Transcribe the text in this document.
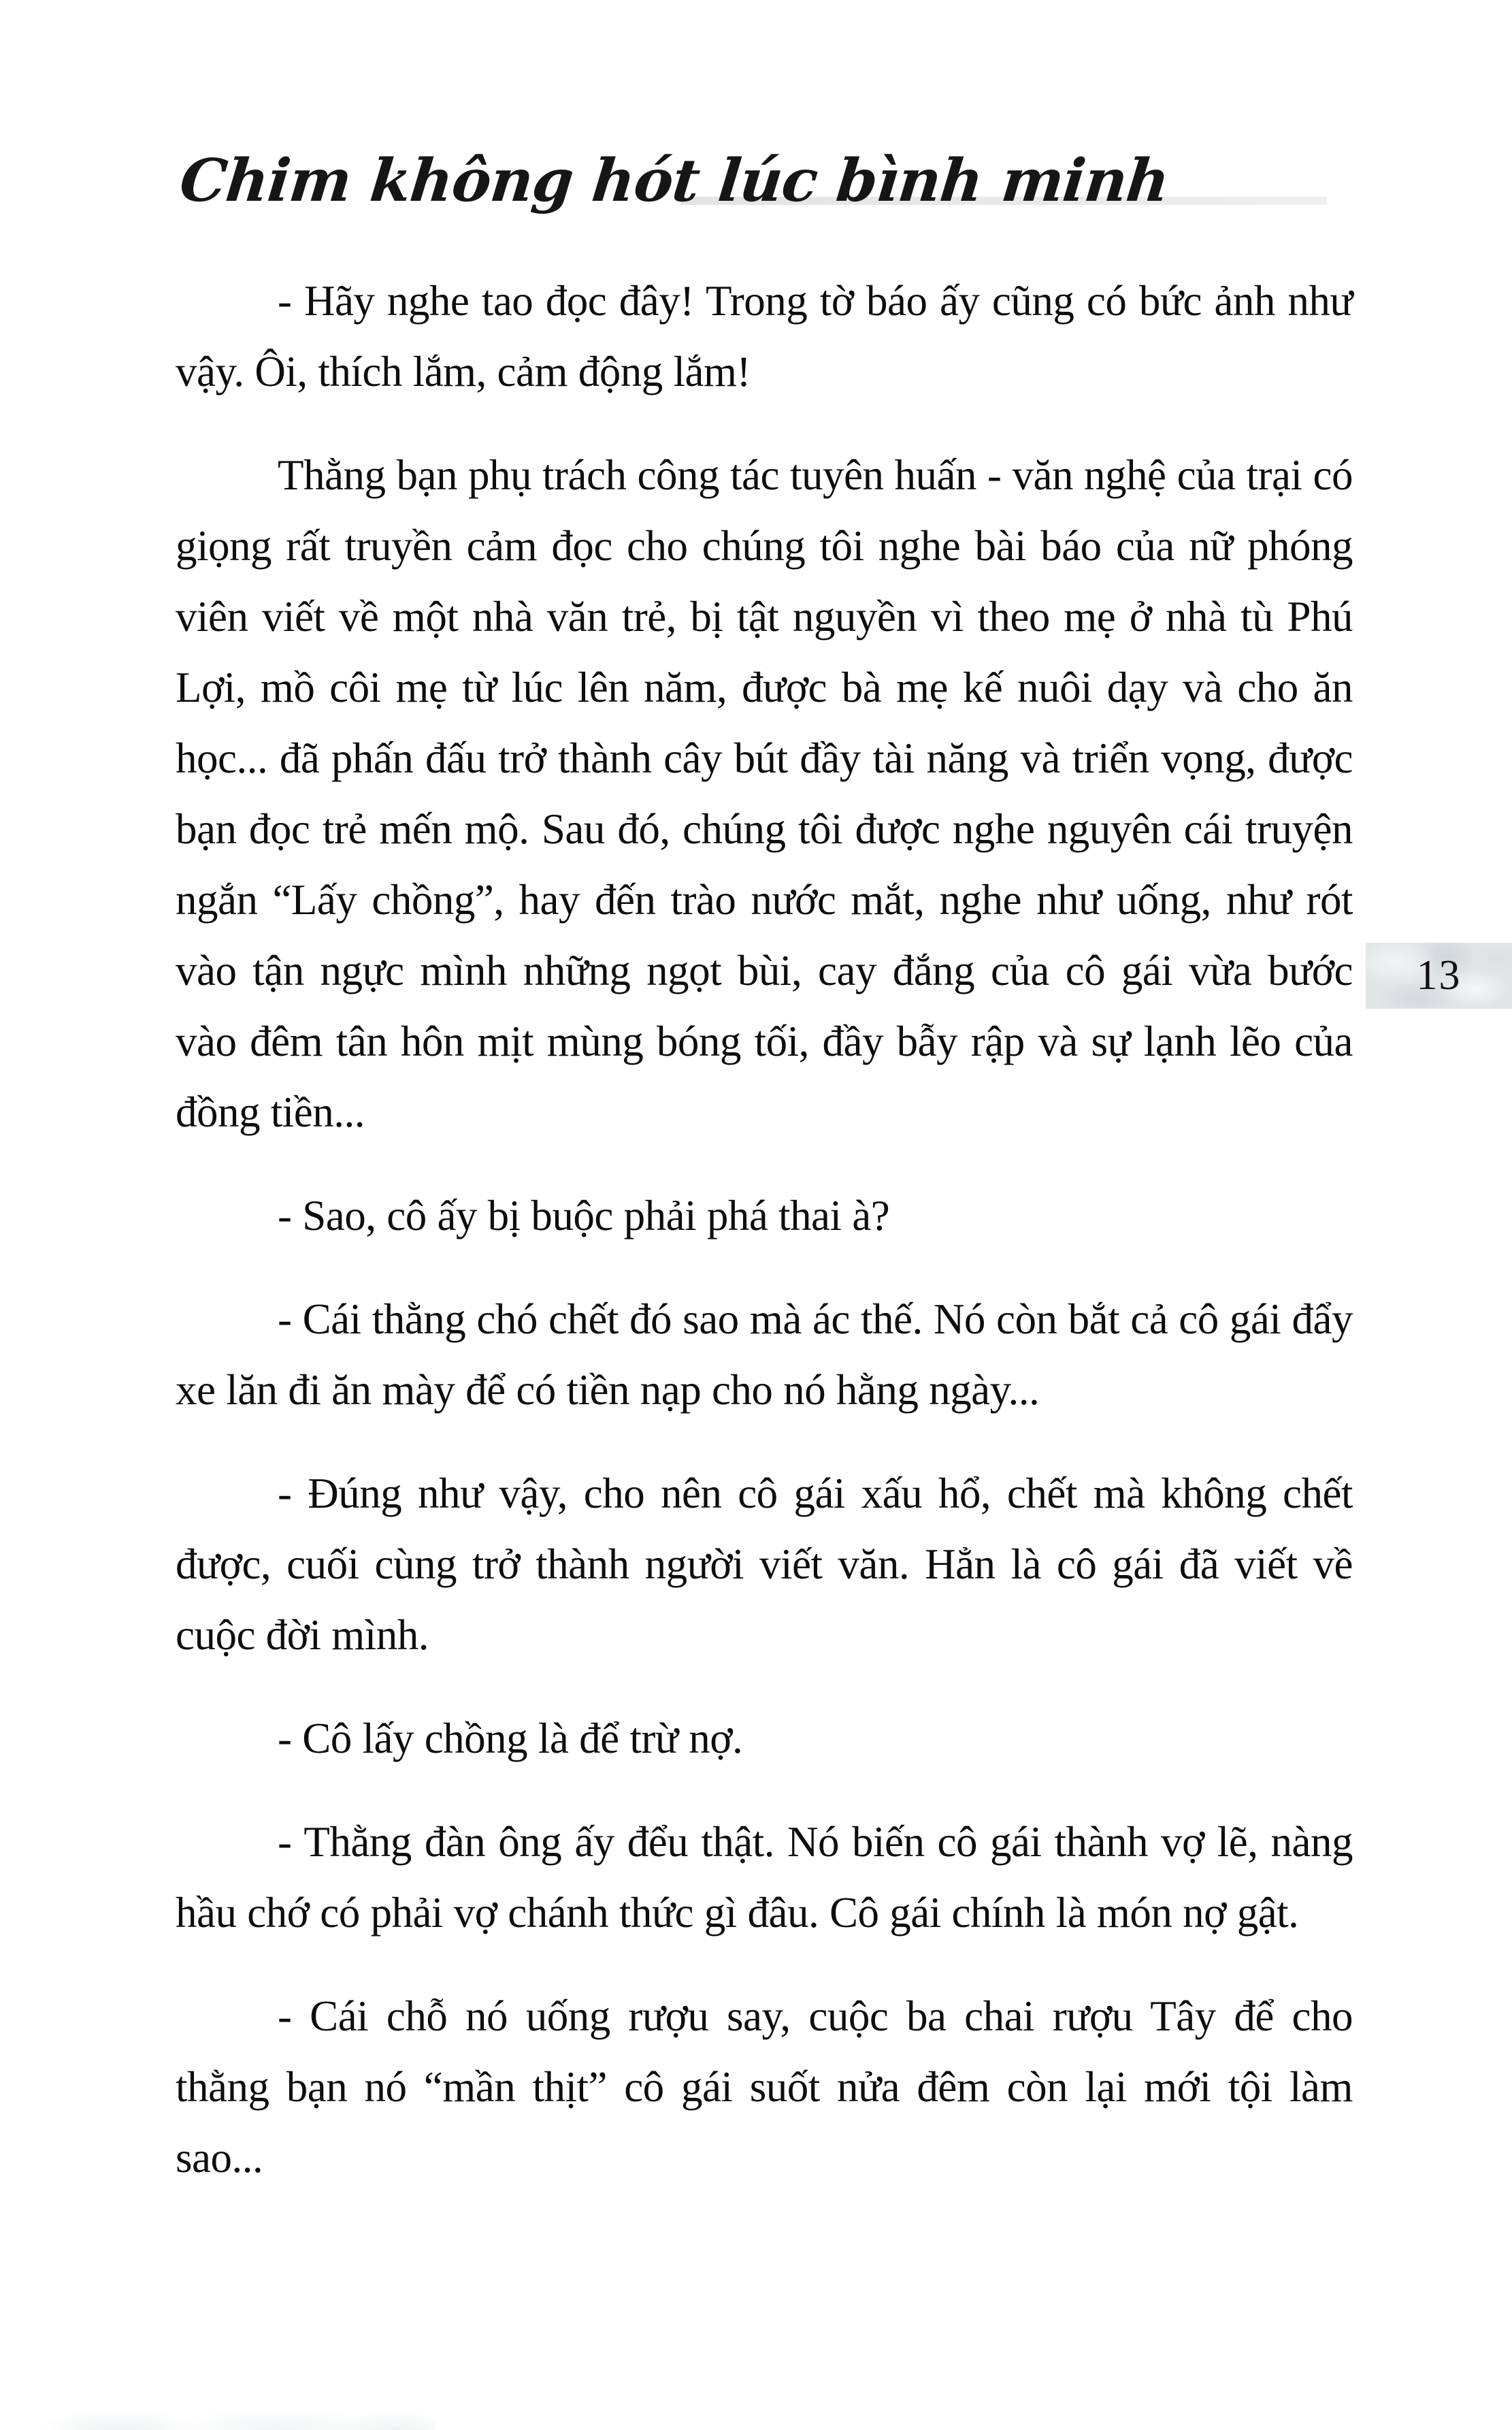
Chim không hót lúc bình minh

- Hãy nghe tao đọc đây! Trong tờ báo ấy cũng có bức ảnh như vậy. Ôi, thích lắm, cảm động lắm!

Thằng bạn phụ trách công tác tuyên huấn - văn nghệ của trại có giọng rất truyền cảm đọc cho chúng tôi nghe bài báo của nữ phóng viên viết về một nhà văn trẻ, bị tật nguyền vì theo mẹ ở nhà tù Phú Lợi, mồ côi mẹ từ lúc lên năm, được bà mẹ kế nuôi dạy và cho ăn học... đã phấn đấu trở thành cây bút đầy tài năng và triển vọng, được bạn đọc trẻ mến mộ. Sau đó, chúng tôi được nghe nguyên cái truyện ngắn “Lấy chồng”, hay đến trào nước mắt, nghe như uống, như rót vào tận ngực mình những ngọt bùi, cay đắng của cô gái vừa bước vào đêm tân hôn mịt mùng bóng tối, đầy bẫy rập và sự lạnh lẽo của đồng tiền...

- Sao, cô ấy bị buộc phải phá thai à?

- Cái thằng chó chết đó sao mà ác thế. Nó còn bắt cả cô gái đẩy xe lăn đi ăn mày để có tiền nạp cho nó hằng ngày...

- Đúng như vậy, cho nên cô gái xấu hổ, chết mà không chết được, cuối cùng trở thành người viết văn. Hẳn là cô gái đã viết về cuộc đời mình.

- Cô lấy chồng là để trừ nợ.

- Thằng đàn ông ấy đểu thật. Nó biến cô gái thành vợ lẽ, nàng hầu chớ có phải vợ chánh thức gì đâu. Cô gái chính là món nợ gật.

- Cái chỗ nó uống rượu say, cuộc ba chai rượu Tây để cho thằng bạn nó “mần thịt” cô gái suốt nửa đêm còn lại mới tội làm sao...

13
